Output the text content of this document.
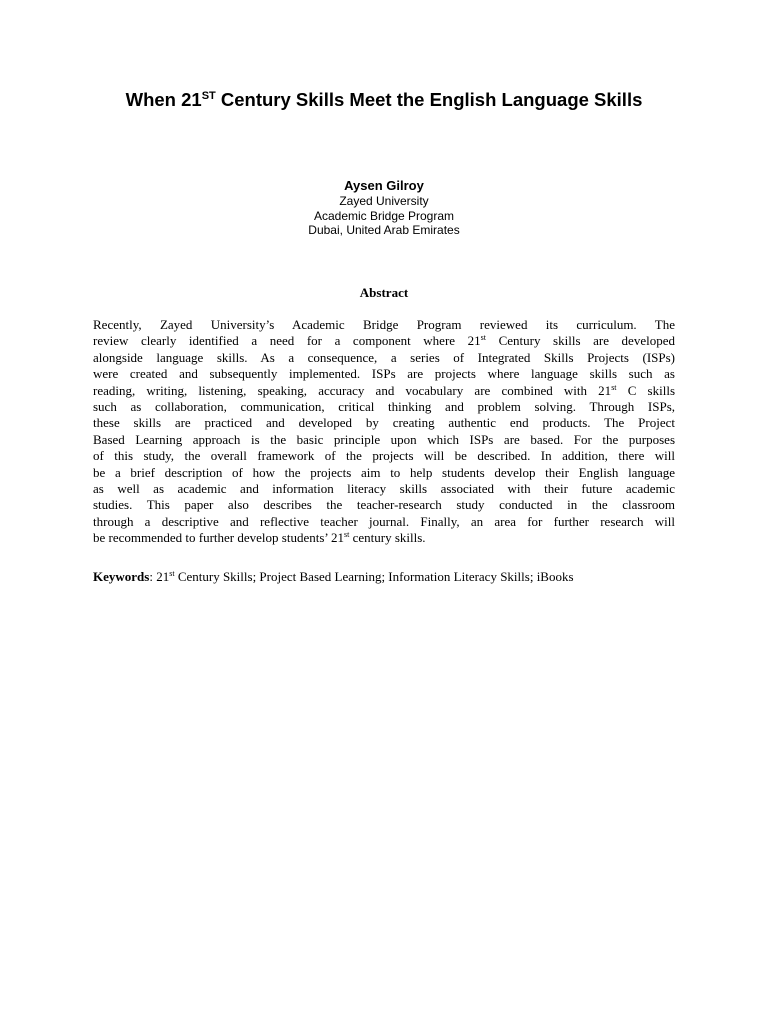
When 21ST Century Skills Meet the English Language Skills
Aysen Gilroy
Zayed University
Academic Bridge Program
Dubai, United Arab Emirates
Abstract
Recently, Zayed University’s Academic Bridge Program reviewed its curriculum. The
review clearly identified a need for a component where 21st Century skills are developed
alongside language skills. As a consequence, a series of Integrated Skills Projects (ISPs)
were created and subsequently implemented. ISPs are projects where language skills such as
reading, writing, listening, speaking, accuracy and vocabulary are combined with 21st C skills
such as collaboration, communication, critical thinking and problem solving. Through ISPs,
these skills are practiced and developed by creating authentic end products. The Project
Based Learning approach is the basic principle upon which ISPs are based. For the purposes
of this study, the overall framework of the projects will be described. In addition, there will
be a brief description of how the projects aim to help students develop their English language
as well as academic and information literacy skills associated with their future academic
studies. This paper also describes the teacher-research study conducted in the classroom
through a descriptive and reflective teacher journal. Finally, an area for further research will
be recommended to further develop students’ 21st century skills.
Keywords: 21st Century Skills; Project Based Learning; Information Literacy Skills; iBooks
